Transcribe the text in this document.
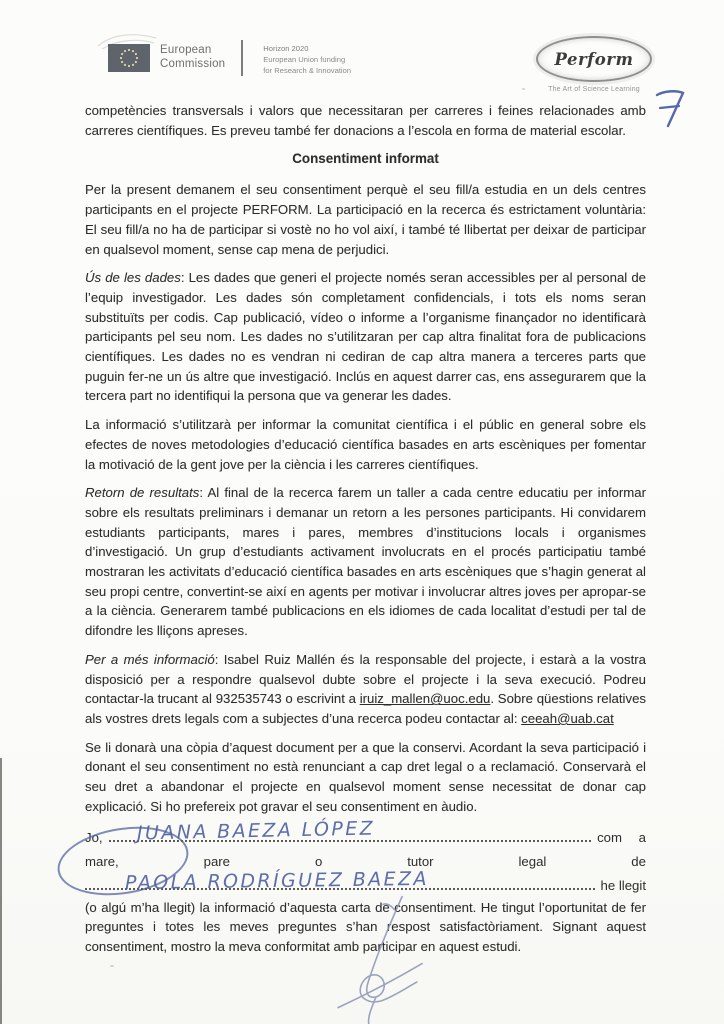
European
Commission
Horizon 2020
European Union funding
for Research & Innovation
Perform
The Art of Science Learning

competències transversals i valors que necessitaran per carreres i feines relacionades amb carreres científiques. Es preveu també fer donacions a l’escola en forma de material escolar.

Consentiment informat

Per la present demanem el seu consentiment perquè el seu fill/a estudia en un dels centres participants en el projecte PERFORM. La participació en la recerca és estrictament voluntària: El seu fill/a no ha de participar si vostè no ho vol així, i també té llibertat per deixar de participar en qualsevol moment, sense cap mena de perjudici.

Ús de les dades: Les dades que generi el projecte només seran accessibles per al personal de l’equip investigador. Les dades són completament confidencials, i tots els noms seran substituïts per codis. Cap publicació, vídeo o informe a l’organisme finançador no identificarà participants pel seu nom. Les dades no s’utilitzaran per cap altra finalitat fora de publicacions científiques. Les dades no es vendran ni cediran de cap altra manera a terceres parts que puguin fer-ne un ús altre que investigació. Inclús en aquest darrer cas, ens assegurarem que la tercera part no identifiqui la persona que va generar les dades.

La informació s’utilitzarà per informar la comunitat científica i el públic en general sobre els efectes de noves metodologies d’educació científica basades en arts escèniques per fomentar la motivació de la gent jove per la ciència i les carreres científiques.

Retorn de resultats: Al final de la recerca farem un taller a cada centre educatiu per informar sobre els resultats preliminars i demanar un retorn a les persones participants. Hi convidarem estudiants participants, mares i pares, membres d’institucions locals i organismes d’investigació. Un grup d’estudiants activament involucrats en el procés participatiu també mostraran les activitats d’educació científica basades en arts escèniques que s’hagin generat al seu propi centre, convertint-se així en agents per motivar i involucrar altres joves per apropar-se a la ciència. Generarem també publicacions en els idiomes de cada localitat d’estudi per tal de difondre les lliçons apreses.

Per a més informació: Isabel Ruiz Mallén és la responsable del projecte, i estarà a la vostra disposició per a respondre qualsevol dubte sobre el projecte i la seva execució. Podreu contactar-la trucant al 932535743 o escrivint a iruiz_mallen@uoc.edu. Sobre qüestions relatives als vostres drets legals com a subjectes d’una recerca podeu contactar al: ceeah@uab.cat

Se li donarà una còpia d’aquest document per a que la conservi. Acordant la seva participació i donant el seu consentiment no està renunciant a cap dret legal o a reclamació. Conservarà el seu dret a abandonar el projecte en qualsevol moment sense necessitat de donar cap explicació. Si ho prefereix pot gravar el seu consentiment en àudio.

Jo, JUANA BAEZA LÓPEZ	com a
mare,	pare	o	tutor	legal	de
PAOLA RODRÍGUEZ BAEZA	he llegit

(o algú m’ha llegit) la informació d’aquesta carta de consentiment. He tingut l’oportunitat de fer preguntes i totes les meves preguntes s’han respost satisfactòriament. Signant aquest consentiment, mostro la meva conformitat amb participar en aquest estudi.
